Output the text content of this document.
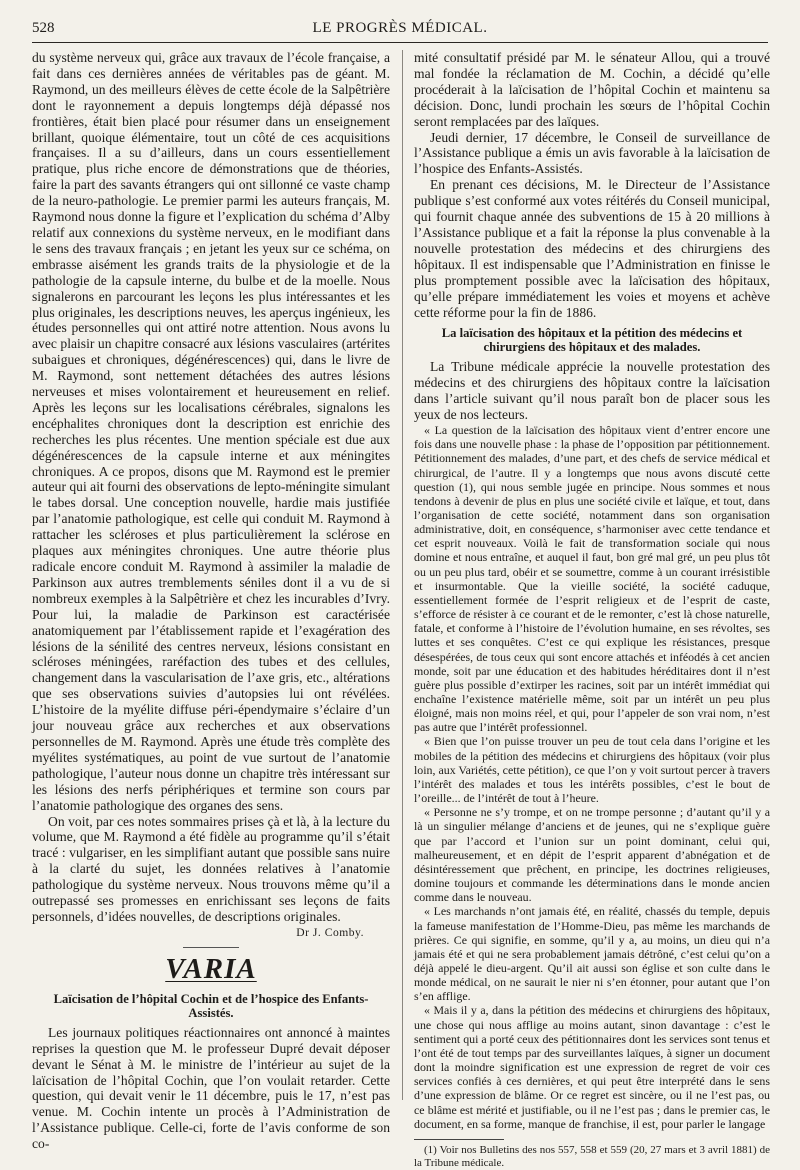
528	LE PROGRÈS MÉDICAL.

du système nerveux qui, grâce aux travaux de l’école française, a fait dans ces dernières années de véritables pas de géant. M. Raymond, un des meilleurs élèves de cette école de la Salpêtrière dont le rayonnement a depuis longtemps déjà dépassé nos frontières, était bien placé pour résumer dans un enseignement brillant, quoique élémentaire, tout un côté de ces acquisitions françaises. Il a su d’ailleurs, dans un cours essentiellement pratique, plus riche encore de démonstrations que de théories, faire la part des savants étrangers qui ont sillonné ce vaste champ de la neuro-pathologie. Le premier parmi les auteurs français, M. Raymond nous donne la figure et l’explication du schéma d’Alby relatif aux connexions du système nerveux, en le modifiant dans le sens des travaux français ; en jetant les yeux sur ce schéma, on embrasse aisément les grands traits de la physiologie et de la pathologie de la capsule interne, du bulbe et de la moelle. Nous signalerons en parcourant les leçons les plus intéressantes et les plus originales, les descriptions neuves, les aperçus ingénieux, les études personnelles qui ont attiré notre attention. Nous avons lu avec plaisir un chapitre consacré aux lésions vasculaires (artérites subaigues et chroniques, dégénérescences) qui, dans le livre de M. Raymond, sont nettement détachées des autres lésions nerveuses et mises volontairement et heureusement en relief. Après les leçons sur les localisations cérébrales, signalons les encéphalites chroniques dont la description est enrichie des recherches les plus récentes. Une mention spéciale est due aux dégénérescences de la capsule interne et aux méningites chroniques. A ce propos, disons que M. Raymond est le premier auteur qui ait fourni des observations de lepto-méningite simulant le tabes dorsal. Une conception nouvelle, hardie mais justifiée par l’anatomie pathologique, est celle qui conduit M. Raymond à rattacher les scléroses et plus particulièrement la sclérose en plaques aux méningites chroniques. Une autre théorie plus radicale encore conduit M. Raymond à assimiler la maladie de Parkinson aux autres tremblements séniles dont il a vu de si nombreux exemples à la Salpêtrière et chez les incurables d’Ivry. Pour lui, la maladie de Parkinson est caractérisée anatomiquement par l’établissement rapide et l’exagération des lésions de la sénilité des centres nerveux, lésions consistant en scléroses méningées, raréfaction des tubes et des cellules, changement dans la vascularisation de l’axe gris, etc., altérations que ses observations suivies d’autopsies lui ont révélées. L’histoire de la myélite diffuse péri-épendymaire s’éclaire d’un jour nouveau grâce aux recherches et aux observations personnelles de M. Raymond. Après une étude très complète des myélites systématiques, au point de vue surtout de l’anatomie pathologique, l’auteur nous donne un chapitre très intéressant sur les lésions des nerfs périphériques et termine son cours par l’anatomie pathologique des organes des sens.

On voit, par ces notes sommaires prises çà et là, à la lecture du volume, que M. Raymond a été fidèle au programme qu’il s’était tracé : vulgariser, en les simplifiant autant que possible sans nuire à la clarté du sujet, les données relatives à l’anatomie pathologique du système nerveux. Nous trouvons même qu’il a outrepassé ses promesses en enrichissant ses leçons de faits personnels, d’idées nouvelles, de descriptions originales.

Dr J. Comby.

VARIA
Laïcisation de l’hôpital Cochin et de l’hospice des Enfants-Assistés.

Les journaux politiques réactionnaires ont annoncé à maintes reprises la question que M. le professeur Dupré devait déposer devant le Sénat à M. le ministre de l’intérieur au sujet de la laïcisation de l’hôpital Cochin, que l’on voulait retarder. Cette question, qui devait venir le 11 décembre, puis le 17, n’est pas venue. M. Cochin intente un procès à l’Administration de l’Assistance publique. Celle-ci, forte de l’avis conforme de son co-

mité consultatif présidé par M. le sénateur Allou, qui a trouvé mal fondée la réclamation de M. Cochin, a décidé qu’elle procéderait à la laïcisation de l’hôpital Cochin et maintenu sa décision. Donc, lundi prochain les sœurs de l’hôpital Cochin seront remplacées par des laïques.

Jeudi dernier, 17 décembre, le Conseil de surveillance de l’Assistance publique a émis un avis favorable à la laïcisation de l’hospice des Enfants-Assistés.

En prenant ces décisions, M. le Directeur de l’Assistance publique s’est conformé aux votes réitérés du Conseil municipal, qui fournit chaque année des subventions de 15 à 20 millions à l’Assistance publique et a fait la réponse la plus convenable à la nouvelle protestation des médecins et des chirurgiens des hôpitaux. Il est indispensable que l’Administration en finisse le plus promptement possible avec la laïcisation des hôpitaux, qu’elle prépare immédiatement les voies et moyens et achève cette réforme pour la fin de 1886.

La laïcisation des hôpitaux et la pétition des médecins et chirurgiens des hôpitaux et des malades.

La Tribune médicale apprécie la nouvelle protestation des médecins et des chirurgiens des hôpitaux contre la laïcisation dans l’article suivant qu’il nous paraît bon de placer sous les yeux de nos lecteurs.

« La question de la laïcisation des hôpitaux vient d’entrer encore une fois dans une nouvelle phase : la phase de l’opposition par pétitionnement. Pétitionnement des malades, d’une part, et des chefs de service médical et chirurgical, de l’autre. Il y a longtemps que nous avons discuté cette question (1), qui nous semble jugée en principe. Nous sommes et nous tendons à devenir de plus en plus une société civile et laïque, et tout, dans l’organisation de cette société, notamment dans son organisation administrative, doit, en conséquence, s’harmoniser avec cette tendance et cet esprit nouveaux. Voilà le fait de transformation sociale qui nous domine et nous entraîne, et auquel il faut, bon gré mal gré, un peu plus tôt ou un peu plus tard, obéir et se soumettre, comme à un courant irrésistible et insurmontable. Que la vieille société, la société caduque, essentiellement formée de l’esprit religieux et de l’esprit de caste, s’efforce de résister à ce courant et de le remonter, c’est là chose naturelle, fatale, et conforme à l’histoire de l’évolution humaine, en ses révoltes, ses luttes et ses conquêtes. C’est ce qui explique les résistances, presque désespérées, de tous ceux qui sont encore attachés et inféodés à cet ancien monde, soit par une éducation et des habitudes héréditaires dont il n’est guère plus possible d’extirper les racines, soit par un intérêt immédiat qui enchaîne l’existence matérielle même, soit par un intérêt un peu plus éloigné, mais non moins réel, et qui, pour l’appeler de son vrai nom, n’est pas autre que l’intérêt professionnel.

« Bien que l’on puisse trouver un peu de tout cela dans l’origine et les mobiles de la pétition des médecins et chirurgiens des hôpitaux (voir plus loin, aux Variétés, cette pétition), ce que l’on y voit surtout percer à travers l’intérêt des malades et tous les intérêts possibles, c’est le bout de l’oreille... de l’intérêt de tout à l’heure.

« Personne ne s’y trompe, et on ne trompe personne ; d’autant qu’il y a là un singulier mélange d’anciens et de jeunes, qui ne s’explique guère que par l’accord et l’union sur un point dominant, celui qui, malheureusement, et en dépit de l’esprit apparent d’abnégation et de désintéressement que prêchent, en principe, les doctrines religieuses, domine toujours et commande les déterminations dans le monde ancien comme dans le nouveau.

« Les marchands n’ont jamais été, en réalité, chassés du temple, depuis la fameuse manifestation de l’Homme-Dieu, pas même les marchands de prières. Ce qui signifie, en somme, qu’il y a, au moins, un dieu qui n’a jamais été et qui ne sera probablement jamais détrôné, c’est celui qu’on a déjà appelé le dieu-argent. Qu’il ait aussi son église et son culte dans le monde médical, on ne saurait le nier ni s’en étonner, pour autant que l’on s’en afflige.

« Mais il y a, dans la pétition des médecins et chirurgiens des hôpitaux, une chose qui nous afflige au moins autant, sinon davantage : c’est le sentiment qui a porté ceux des pétitionnaires dont les services sont tenus et l’ont été de tout temps par des surveillantes laïques, à signer un document dont la moindre signification est une expression de regret de voir ces services confiés à ces dernières, et qui peut être interprété dans le sens d’une expression de blâme. Or ce regret est sincère, ou il ne l’est pas, ou ce blâme est mérité et justifiable, ou il ne l’est pas ; dans le premier cas, le document, en sa forme, manque de franchise, il est, pour parler le langage

(1) Voir nos Bulletins des nos 557, 558 et 559 (20, 27 mars et 3 avril 1881) de la Tribune médicale.
